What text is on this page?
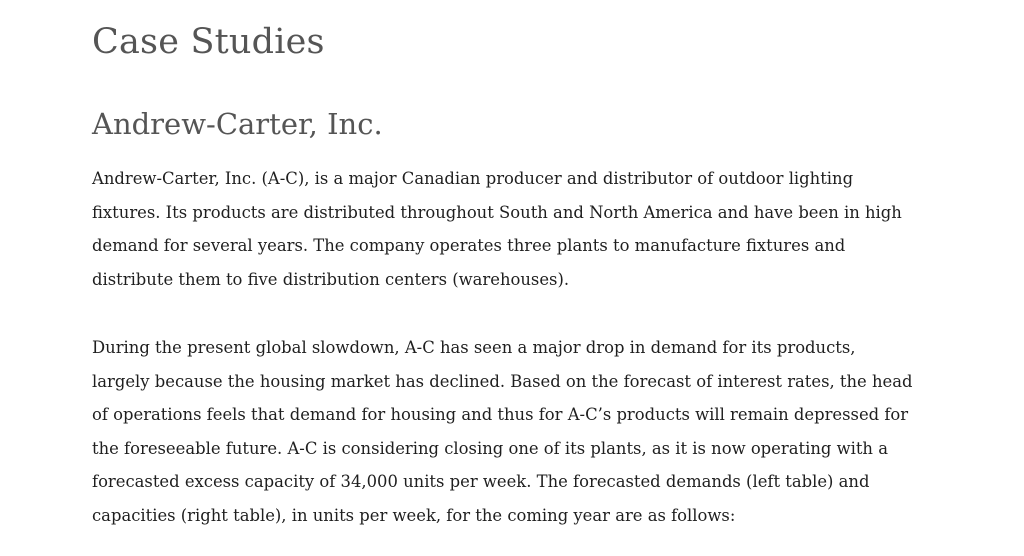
Case Studies
Andrew-Carter, Inc.

Andrew-Carter, Inc. (A-C), is a major Canadian producer and distributor of outdoor lighting
fixtures. Its products are distributed throughout South and North America and have been in high
demand for several years. The company operates three plants to manufacture fixtures and
distribute them to five distribution centers (warehouses).

During the present global slowdown, A-C has seen a major drop in demand for its products,
largely because the housing market has declined. Based on the forecast of interest rates, the head
of operations feels that demand for housing and thus for A-C’s products will remain depressed for
the foreseeable future. A-C is considering closing one of its plants, as it is now operating with a
forecasted excess capacity of 34,000 units per week. The forecasted demands (left table) and
capacities (right table), in units per week, for the coming year are as follows:
